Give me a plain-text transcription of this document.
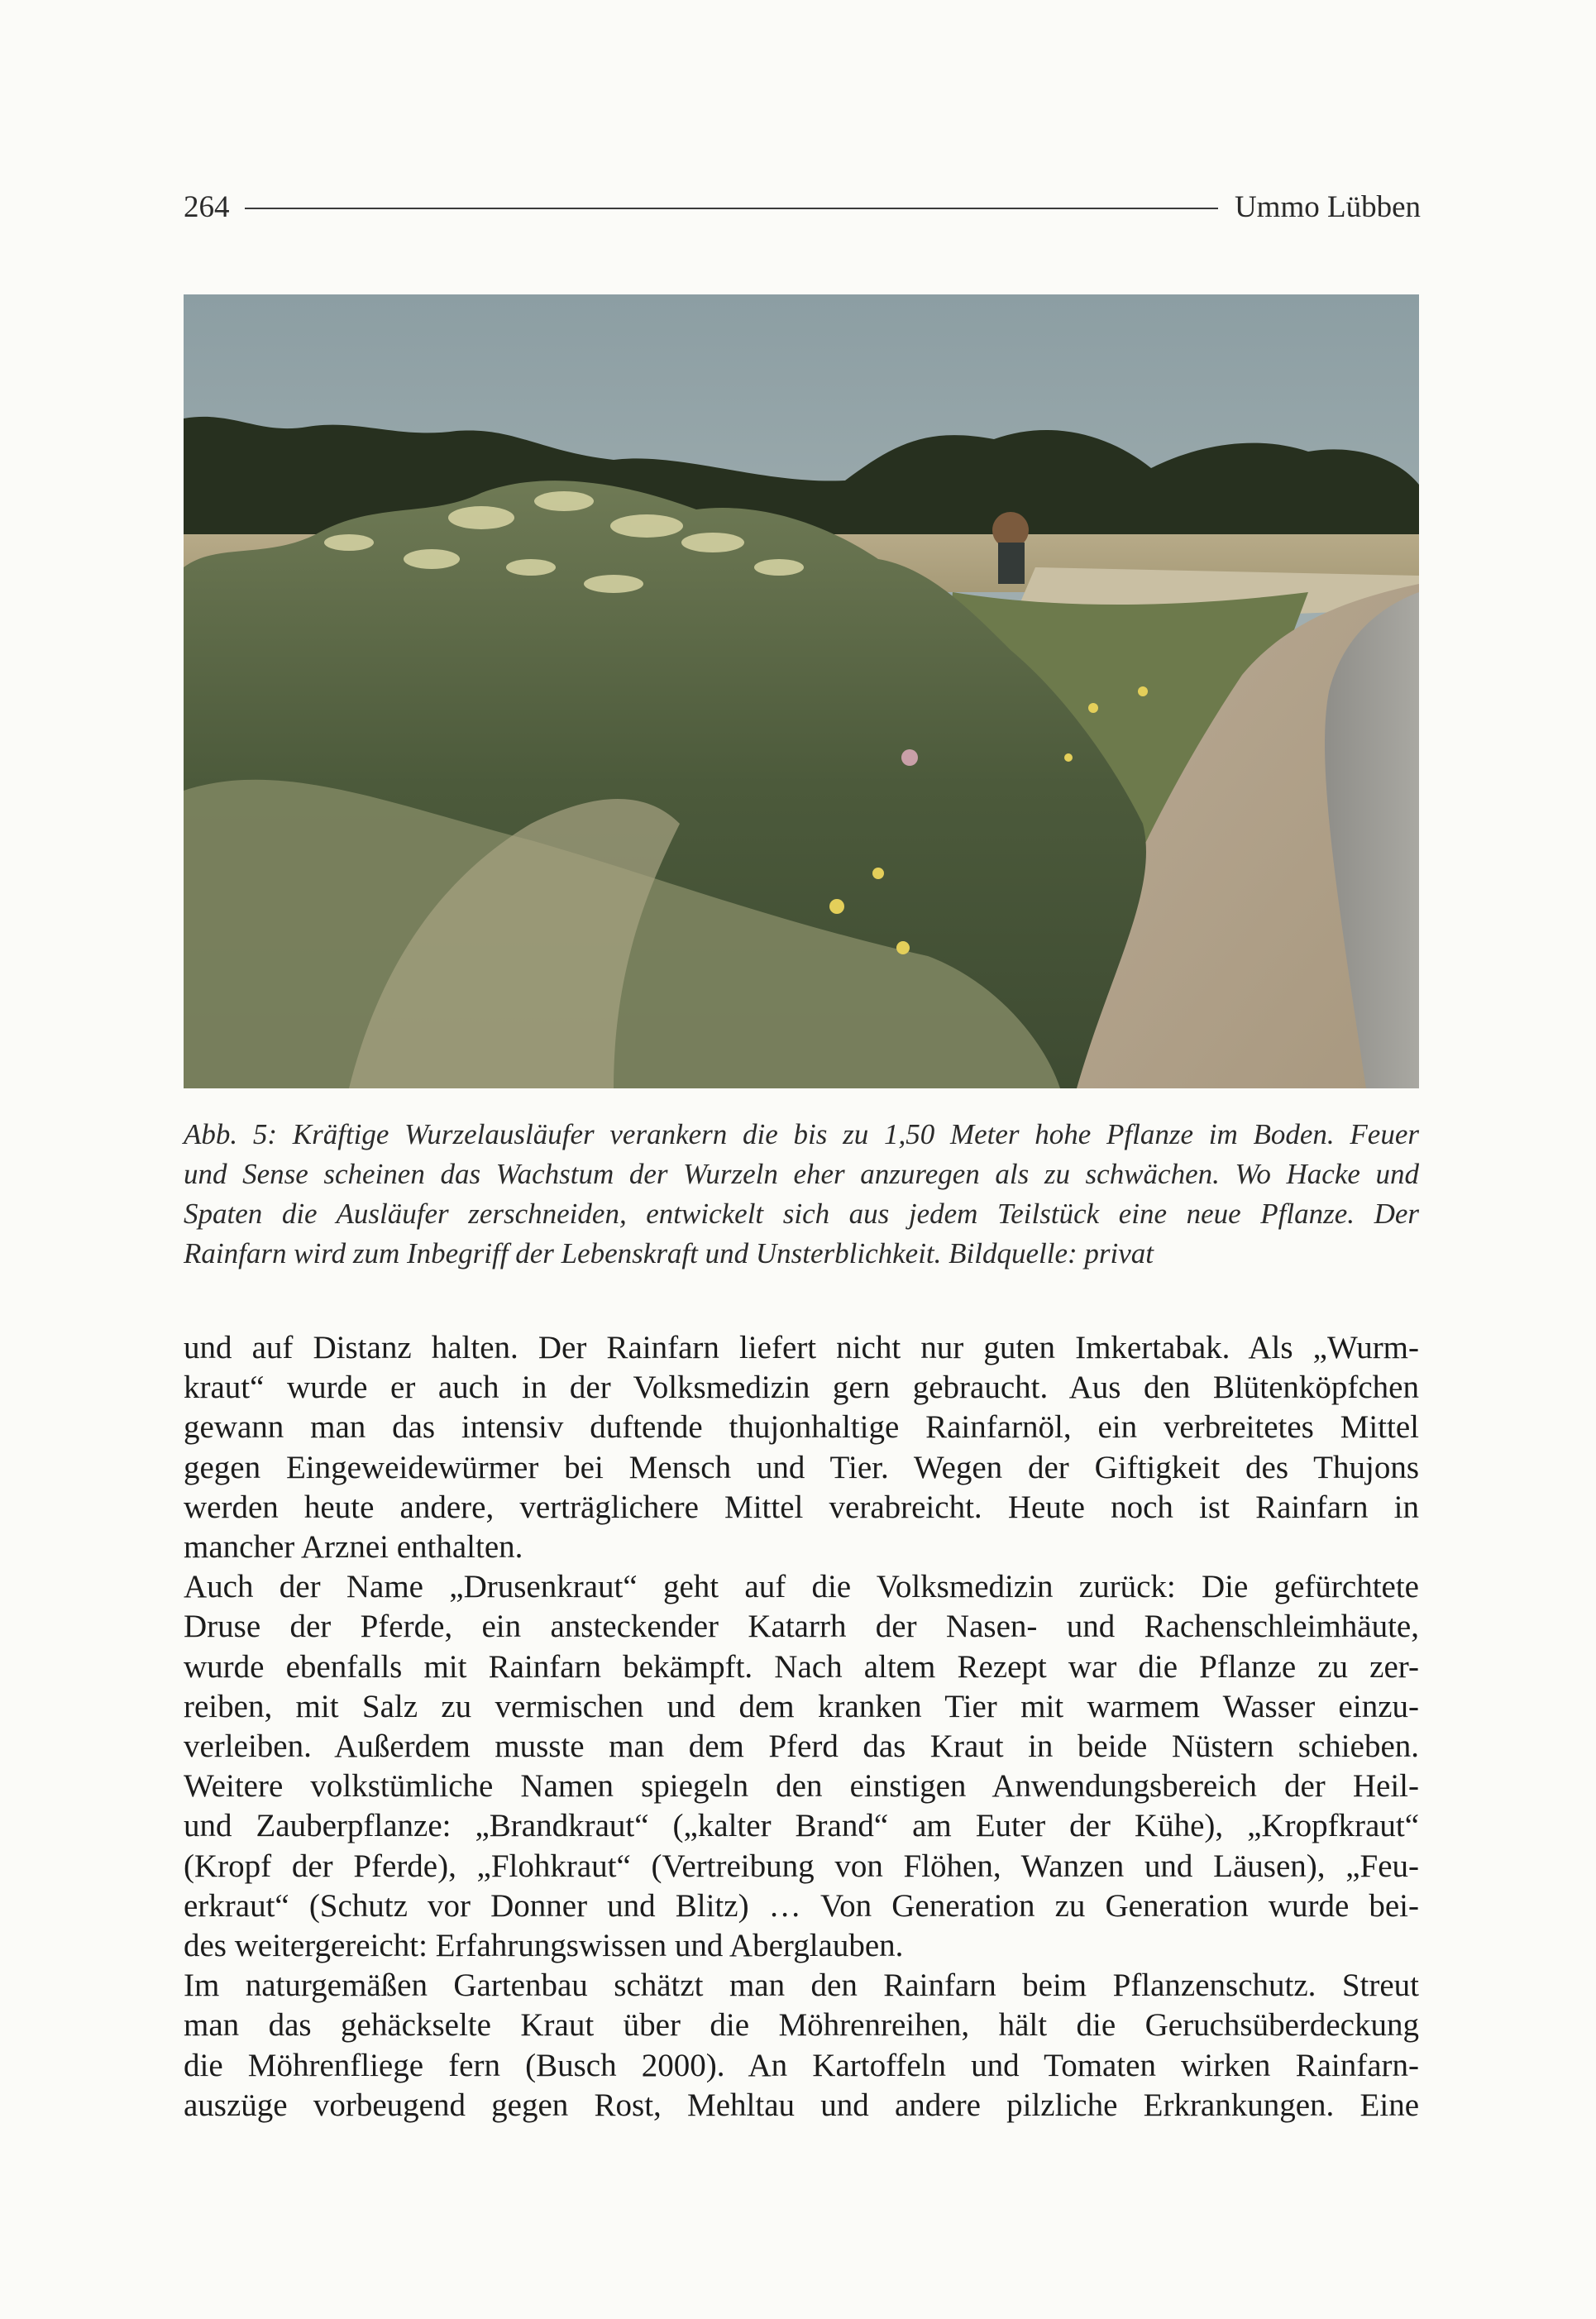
264	Ummo Lübben
Abb. 5: Kräftige Wurzelausläufer verankern die bis zu 1,50 Meter hohe Pflanze im Boden. Feuer
und Sense scheinen das Wachstum der Wurzeln eher anzuregen als zu schwächen. Wo Hacke und
Spaten die Ausläufer zerschneiden, entwickelt sich aus jedem Teilstück eine neue Pflanze. Der
Rainfarn wird zum Inbegriff der Lebenskraft und Unsterblichkeit. Bildquelle: privat
und auf Distanz halten. Der Rainfarn liefert nicht nur guten Imkertabak. Als „Wurm-
kraut“ wurde er auch in der Volksmedizin gern gebraucht. Aus den Blütenköpfchen
gewann man das intensiv duftende thujonhaltige Rainfarnöl, ein verbreitetes Mittel
gegen Eingeweidewürmer bei Mensch und Tier. Wegen der Giftigkeit des Thujons
werden heute andere, verträglichere Mittel verabreicht. Heute noch ist Rainfarn in
mancher Arznei enthalten.
Auch der Name „Drusenkraut“ geht auf die Volksmedizin zurück: Die gefürchtete
Druse der Pferde, ein ansteckender Katarrh der Nasen- und Rachenschleimhäute,
wurde ebenfalls mit Rainfarn bekämpft. Nach altem Rezept war die Pflanze zu zer-
reiben, mit Salz zu vermischen und dem kranken Tier mit warmem Wasser einzu-
verleiben. Außerdem musste man dem Pferd das Kraut in beide Nüstern schieben.
Weitere volkstümliche Namen spiegeln den einstigen Anwendungsbereich der Heil-
und Zauberpflanze: „Brandkraut“ („kalter Brand“ am Euter der Kühe), „Kropfkraut“
(Kropf der Pferde), „Flohkraut“ (Vertreibung von Flöhen, Wanzen und Läusen), „Feu-
erkraut“ (Schutz vor Donner und Blitz) … Von Generation zu Generation wurde bei-
des weitergereicht: Erfahrungswissen und Aberglauben.
Im naturgemäßen Gartenbau schätzt man den Rainfarn beim Pflanzenschutz. Streut
man das gehäckselte Kraut über die Möhrenreihen, hält die Geruchsüberdeckung
die Möhrenfliege fern (Busch 2000). An Kartoffeln und Tomaten wirken Rainfarn-
auszüge vorbeugend gegen Rost, Mehltau und andere pilzliche Erkrankungen. Eine
